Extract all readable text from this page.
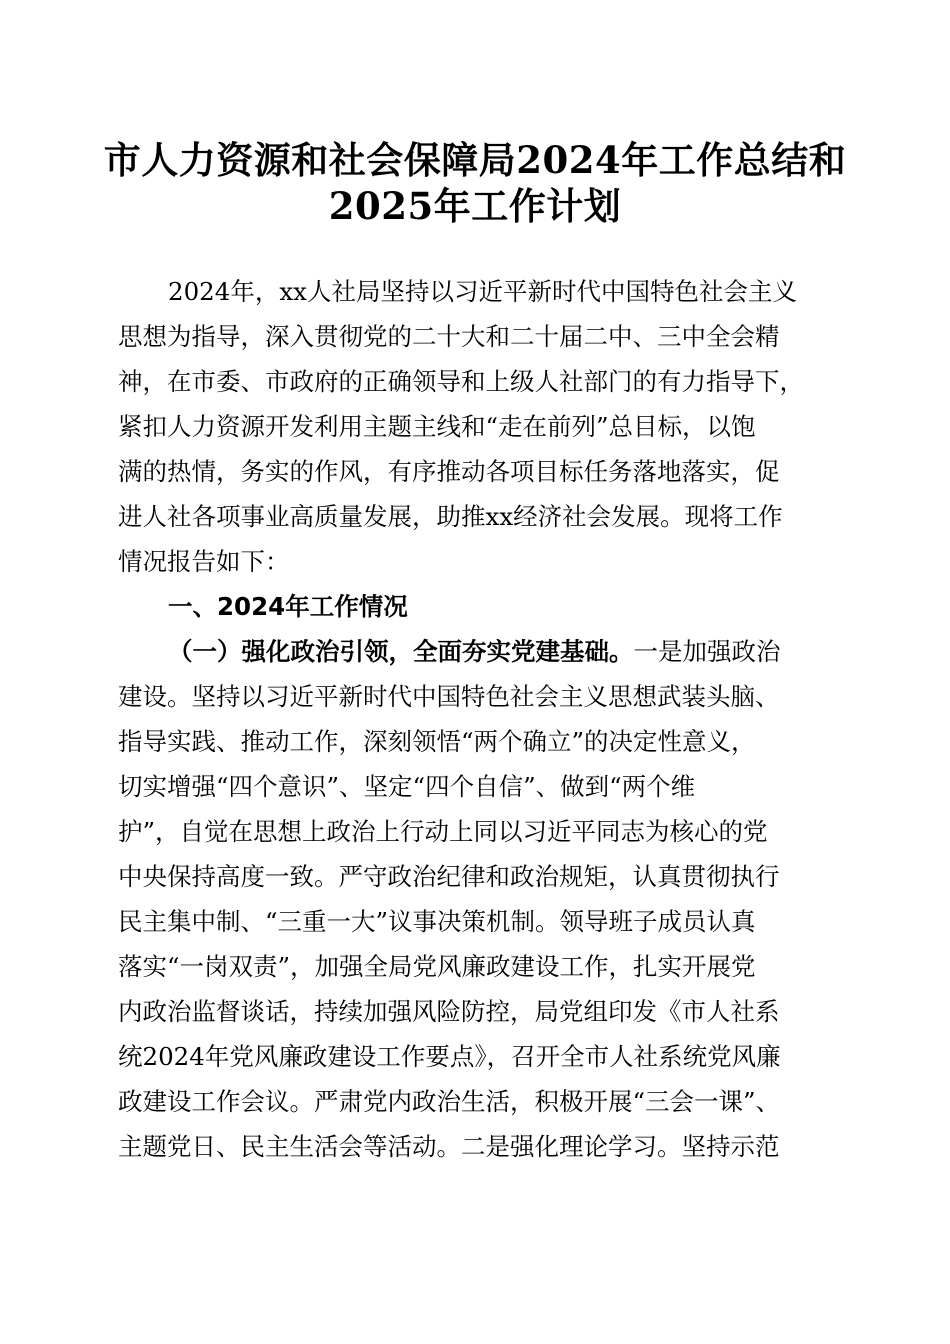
市人力资源和社会保障局2024年工作总结和
2025年工作计划

2024年，xx人社局坚持以习近平新时代中国特色社会主义

思想为指导，深入贯彻党的二十大和二十届二中、三中全会精

神，在市委、市政府的正确领导和上级人社部门的有力指导下，

紧扣人力资源开发利用主题主线和“走在前列”总目标，以饱

满的热情，务实的作风，有序推动各项目标任务落地落实，促

进人社各项事业高质量发展，助推xx经济社会发展。现将工作

情况报告如下：

一、2024年工作情况

（一）强化政治引领，全面夯实党建基础。一是加强政治

建设。坚持以习近平新时代中国特色社会主义思想武装头脑、

指导实践、推动工作，深刻领悟“两个确立”的决定性意义，

切实增强“四个意识”、坚定“四个自信”、做到“两个维

护”，自觉在思想上政治上行动上同以习近平同志为核心的党

中央保持高度一致。严守政治纪律和政治规矩，认真贯彻执行

民主集中制、“三重一大”议事决策机制。领导班子成员认真

落实“一岗双责”，加强全局党风廉政建设工作，扎实开展党

内政治监督谈话，持续加强风险防控，局党组印发《市人社系

统2024年党风廉政建设工作要点》，召开全市人社系统党风廉

政建设工作会议。严肃党内政治生活，积极开展“三会一课”、

主题党日、民主生活会等活动。二是强化理论学习。坚持示范
